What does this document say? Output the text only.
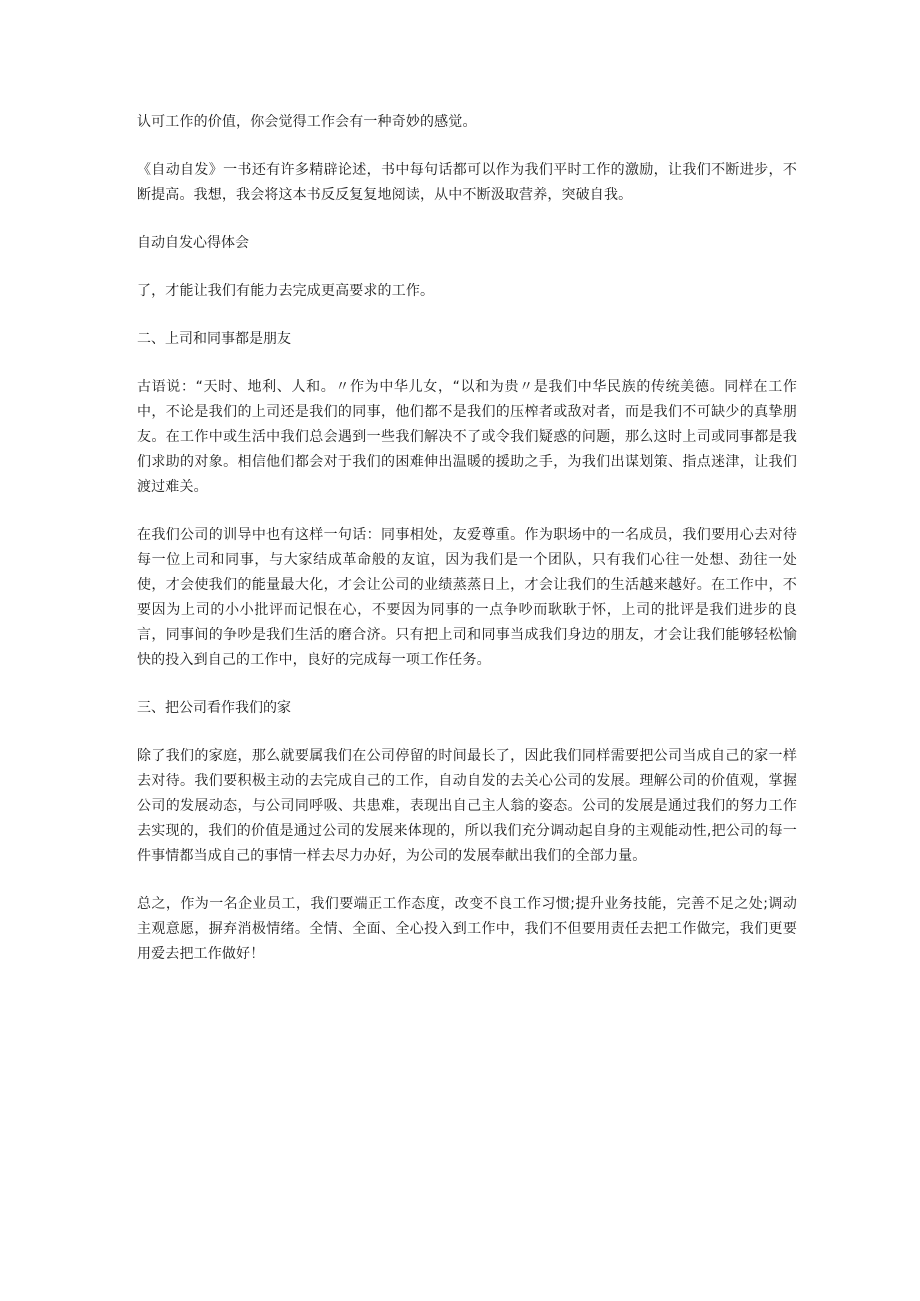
认可工作的价值，你会觉得工作会有一种奇妙的感觉。

《自动自发》一书还有许多精辟论述，书中每句话都可以作为我们平时工作的激励，让我们不断进步，不断提高。我想，我会将这本书反反复复地阅读，从中不断汲取营养，突破自我。

自动自发心得体会

了，才能让我们有能力去完成更高要求的工作。

二、上司和同事都是朋友

古语说：“天时、地利、人和。〃作为中华儿女，“以和为贵〃是我们中华民族的传统美德。同样在工作中，不论是我们的上司还是我们的同事，他们都不是我们的压榨者或敌对者，而是我们不可缺少的真挚朋友。在工作中或生活中我们总会遇到一些我们解决不了或令我们疑惑的问题，那么这时上司或同事都是我们求助的对象。相信他们都会对于我们的困难伸出温暖的援助之手，为我们出谋划策、指点迷津，让我们渡过难关。

在我们公司的训导中也有这样一句话：同事相处，友爱尊重。作为职场中的一名成员，我们要用心去对待每一位上司和同事，与大家结成革命般的友谊，因为我们是一个团队，只有我们心往一处想、劲往一处使，才会使我们的能量最大化，才会让公司的业绩蒸蒸日上，才会让我们的生活越来越好。在工作中，不要因为上司的小小批评而记恨在心，不要因为同事的一点争吵而耿耿于怀，上司的批评是我们进步的良言，同事间的争吵是我们生活的磨合济。只有把上司和同事当成我们身边的朋友，才会让我们能够轻松愉快的投入到自己的工作中，良好的完成每一项工作任务。

三、把公司看作我们的家

除了我们的家庭，那么就要属我们在公司停留的时间最长了，因此我们同样需要把公司当成自己的家一样去对待。我们要积极主动的去完成自己的工作，自动自发的去关心公司的发展。理解公司的价值观，掌握公司的发展动态，与公司同呼吸、共患难，表现出自己主人翁的姿态。公司的发展是通过我们的努力工作去实现的，我们的价值是通过公司的发展来体现的，所以我们充分调动起自身的主观能动性,把公司的每一件事情都当成自己的事情一样去尽力办好，为公司的发展奉献出我们的全部力量。

总之，作为一名企业员工，我们要端正工作态度，改变不良工作习惯;提升业务技能，完善不足之处;调动主观意愿，摒弃消极情绪。全情、全面、全心投入到工作中，我们不但要用责任去把工作做完，我们更要用爱去把工作做好！
